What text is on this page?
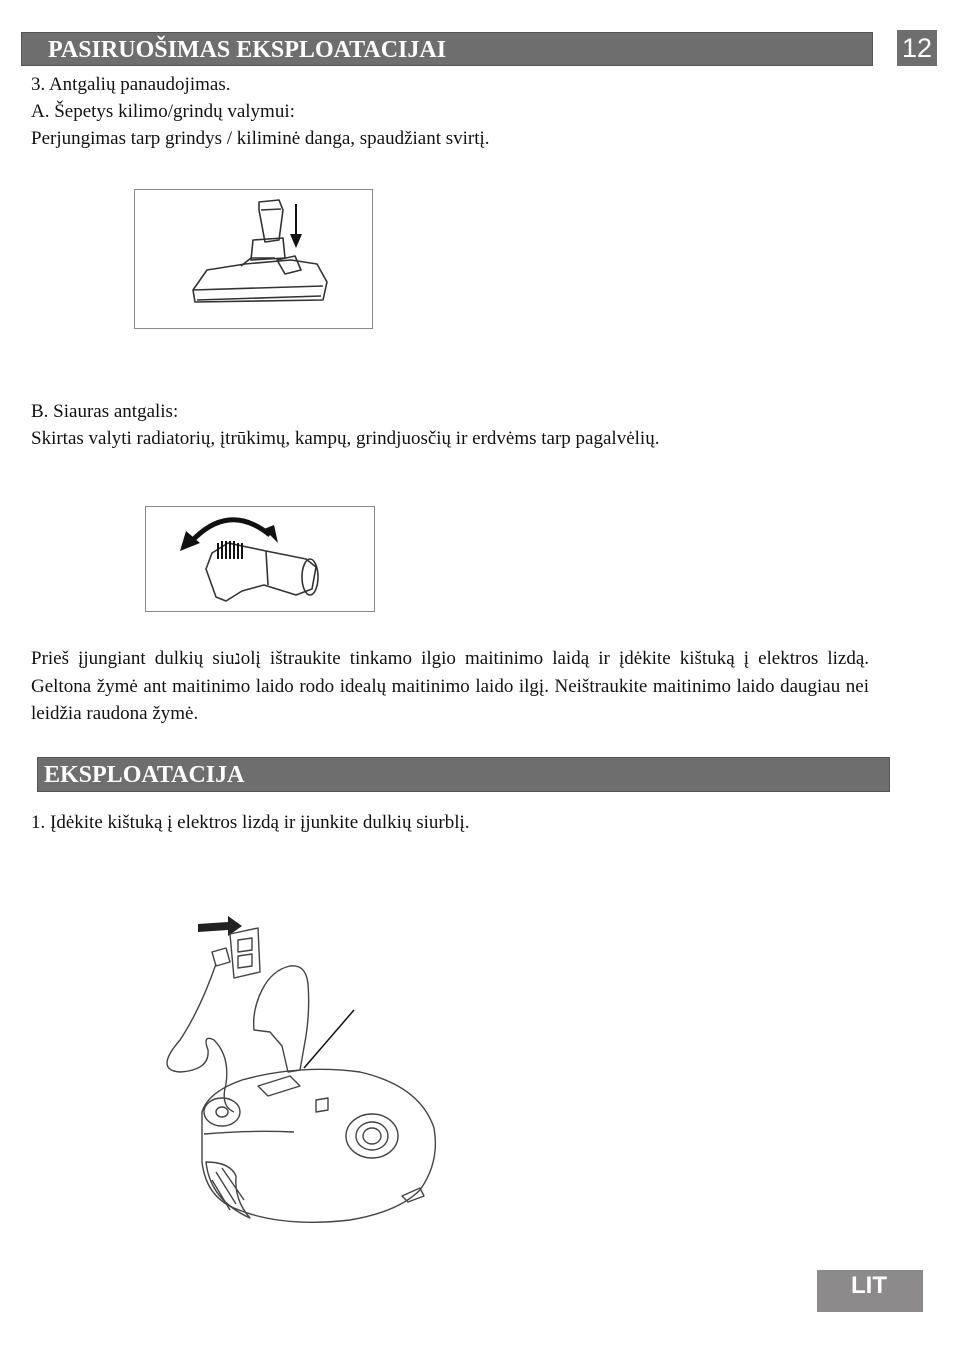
PASIRUOŠIMAS EKSPLOATACIJAI	12
3. Antgalių panaudojimas.
A. Šepetys kilimo/grindų valymui:
Perjungimas tarp grindys / kiliminė danga, spaudžiant svirtį.
B. Siauras antgalis:
Skirtas valyti radiatorių, įtrūkimų, kampų, grindjuosčių ir erdvėms tarp pagalvėlių.
Prieš įjungiant dulkių siuנolį ištraukite tinkamo ilgio maitinimo laidą ir įdėkite kištuką į elektros lizdą. Geltona žymė ant maitinimo laido rodo idealų maitinimo laido ilgį. Neištraukite maitinimo laido daugiau nei leidžia raudona žymė.
EKSPLOATACIJA
1. Įdėkite kištuką į elektros lizdą ir įjunkite dulkių siurblį.
LIT
